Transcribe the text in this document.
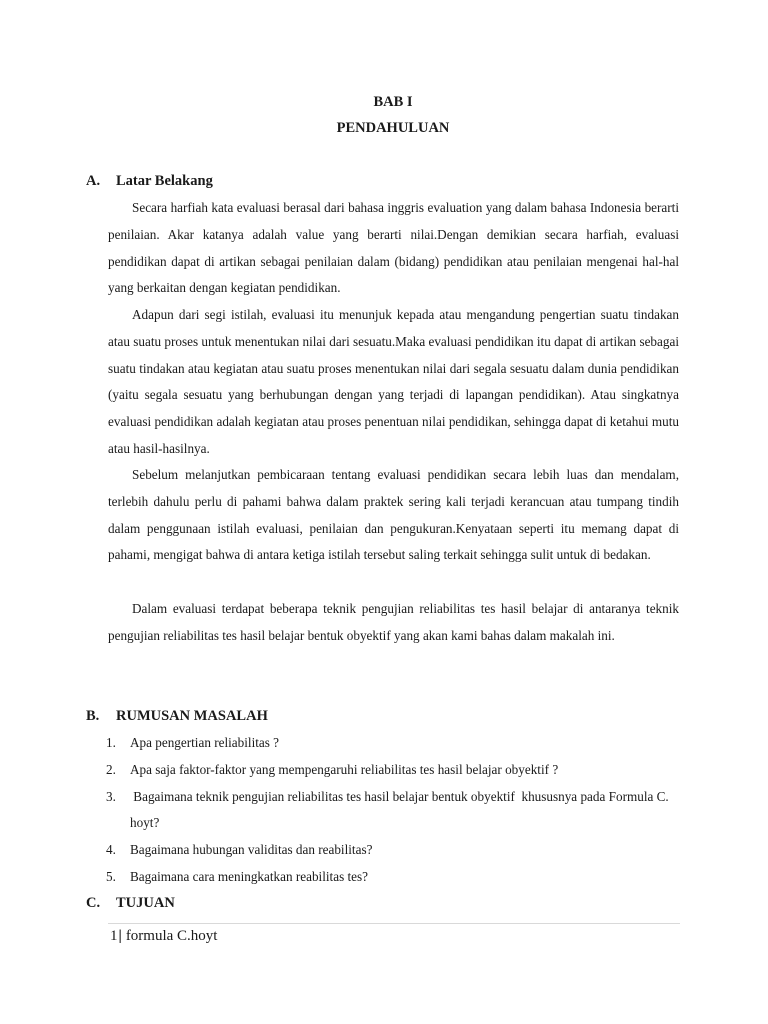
BAB I
PENDAHULUAN
A. Latar Belakang

Secara harfiah kata evaluasi berasal dari bahasa inggris evaluation yang dalam bahasa Indonesia berarti penilaian. Akar katanya adalah value yang berarti nilai.Dengan demikian secara harfiah, evaluasi pendidikan dapat di artikan sebagai penilaian dalam (bidang) pendidikan atau penilaian mengenai hal-hal yang berkaitan dengan kegiatan pendidikan.

Adapun dari segi istilah, evaluasi itu menunjuk kepada atau mengandung pengertian suatu tindakan atau suatu proses untuk menentukan nilai dari sesuatu.Maka evaluasi pendidikan itu dapat di artikan sebagai suatu tindakan atau kegiatan atau suatu proses menentukan nilai dari segala sesuatu dalam dunia pendidikan (yaitu segala sesuatu yang berhubungan dengan yang terjadi di lapangan pendidikan). Atau singkatnya evaluasi pendidikan adalah kegiatan atau proses penentuan nilai pendidikan, sehingga dapat di ketahui mutu atau hasil-hasilnya.

Sebelum melanjutkan pembicaraan tentang evaluasi pendidikan secara lebih luas dan mendalam, terlebih dahulu perlu di pahami bahwa dalam praktek sering kali terjadi kerancuan atau tumpang tindih dalam penggunaan istilah evaluasi, penilaian dan pengukuran.Kenyataan seperti itu memang dapat di pahami, mengigat bahwa di antara ketiga istilah tersebut saling terkait sehingga sulit untuk di bedakan.

Dalam evaluasi terdapat beberapa teknik pengujian reliabilitas tes hasil belajar di antaranya teknik pengujian reliabilitas tes hasil belajar bentuk obyektif yang akan kami bahas dalam makalah ini.

B. RUMUSAN MASALAH
1. Apa pengertian reliabilitas ?
2. Apa saja faktor-faktor yang mempengaruhi reliabilitas tes hasil belajar obyektif ?
3. Bagaimana teknik pengujian reliabilitas tes hasil belajar bentuk obyektif  khususnya pada Formula C. hoyt?
4. Bagaimana hubungan validitas dan reabilitas?
5. Bagaimana cara meningkatkan reabilitas tes?
C. TUJUAN
1| formula C.hoyt
